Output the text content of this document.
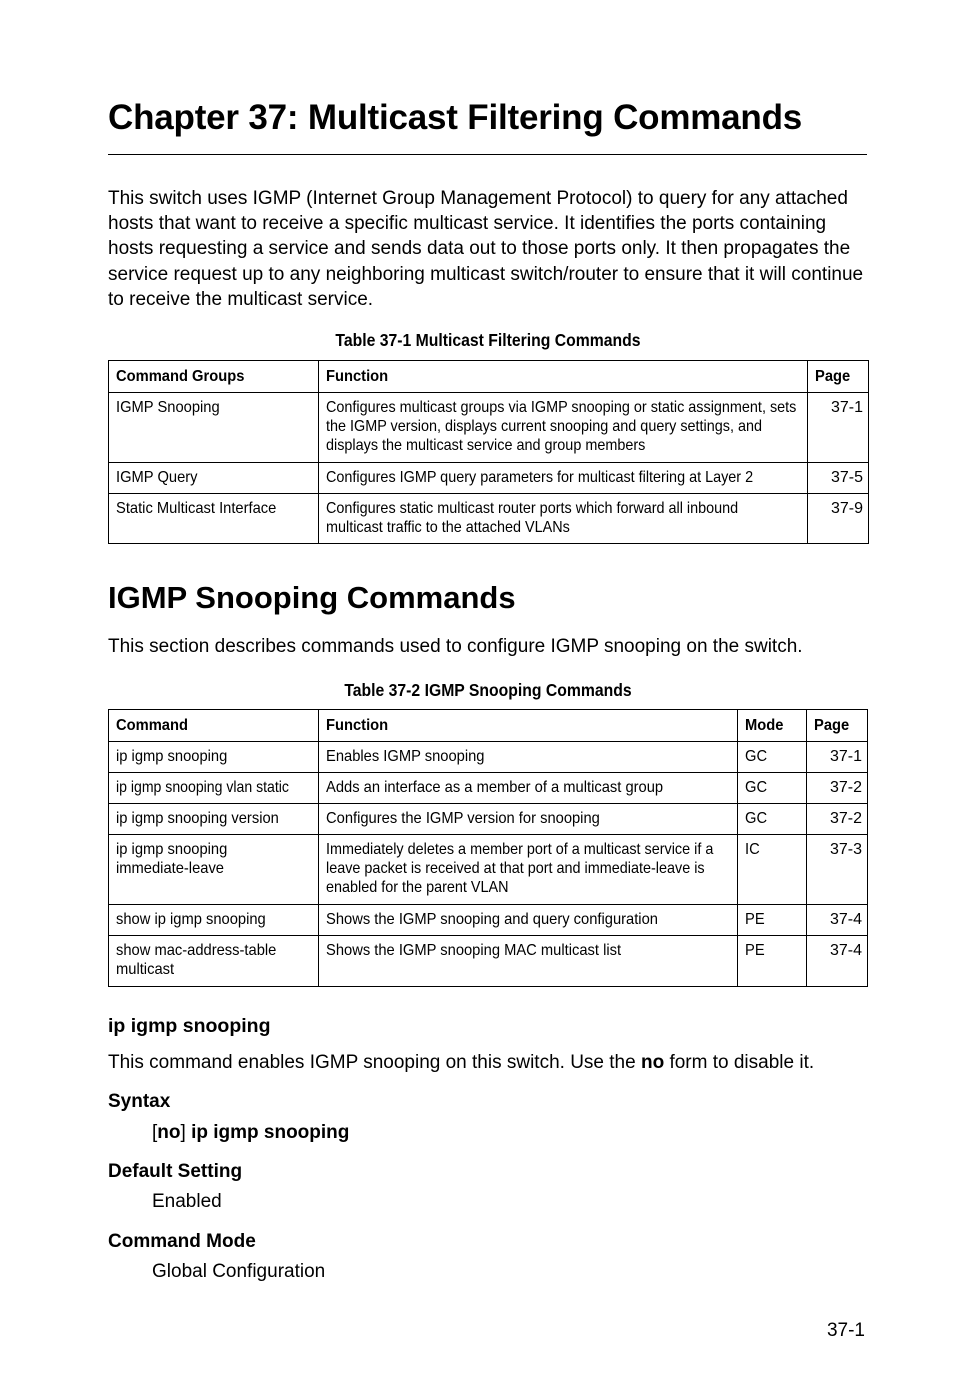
Chapter 37: Multicast Filtering Commands

This switch uses IGMP (Internet Group Management Protocol) to query for any attached hosts that want to receive a specific multicast service. It identifies the ports containing hosts requesting a service and sends data out to those ports only. It then propagates the service request up to any neighboring multicast switch/router to ensure that it will continue to receive the multicast service.

Table 37-1 Multicast Filtering Commands

Command Groups	Function	Page
IGMP Snooping	Configures multicast groups via IGMP snooping or static assignment, sets the IGMP version, displays current snooping and query settings, and displays the multicast service and group members	37-1
IGMP Query	Configures IGMP query parameters for multicast filtering at Layer 2	37-5
Static Multicast Interface	Configures static multicast router ports which forward all inbound multicast traffic to the attached VLANs	37-9
IGMP Snooping Commands

This section describes commands used to configure IGMP snooping on the switch.

Table 37-2 IGMP Snooping Commands

Command	Function	Mode	Page
ip igmp snooping	Enables IGMP snooping	GC	37-1
ip igmp snooping vlan static	Adds an interface as a member of a multicast group	GC	37-2
ip igmp snooping version	Configures the IGMP version for snooping	GC	37-2

ip igmp snooping immediate-leave	Immediately deletes a member port of a multicast service if a leave packet is received at that port and immediate-leave is enabled for the parent VLAN	IC	37-3
show ip igmp snooping	Shows the IGMP snooping and query configuration	PE	37-4

show mac-address-table multicast	Shows the IGMP snooping MAC multicast list	PE	37-4

ip igmp snooping

This command enables IGMP snooping on this switch. Use the no form to disable it.

Syntax

[no] ip igmp snooping

Default Setting

Enabled

Command Mode

Global Configuration

37-1
